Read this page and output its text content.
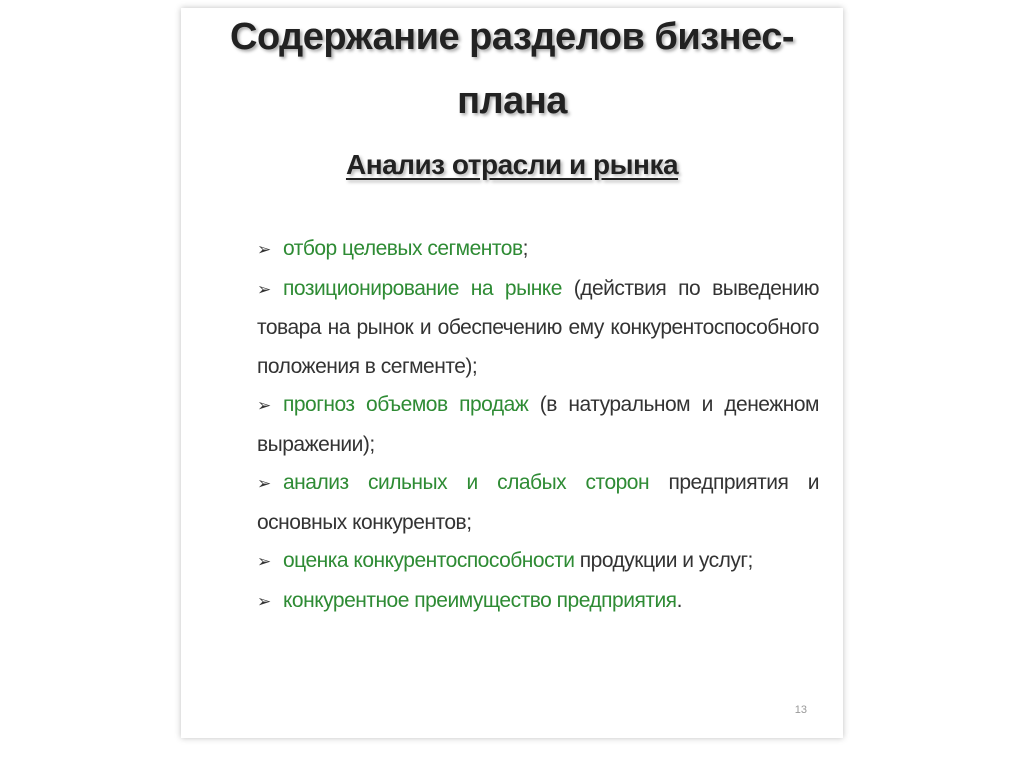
Содержание разделов бизнес-
плана
Анализ отрасли и рынка
➢ отбор целевых сегментов;
➢ позиционирование на рынке (действия по выведению товара на рынок и обеспечению ему конкурентоспособного положения в сегменте);
➢ прогноз объемов продаж (в натуральном и денежном выражении);
➢ анализ сильных и слабых сторон предприятия и основных конкурентов;
➢ оценка конкурентоспособности продукции и услуг;
➢ конкурентное преимущество предприятия.
13
